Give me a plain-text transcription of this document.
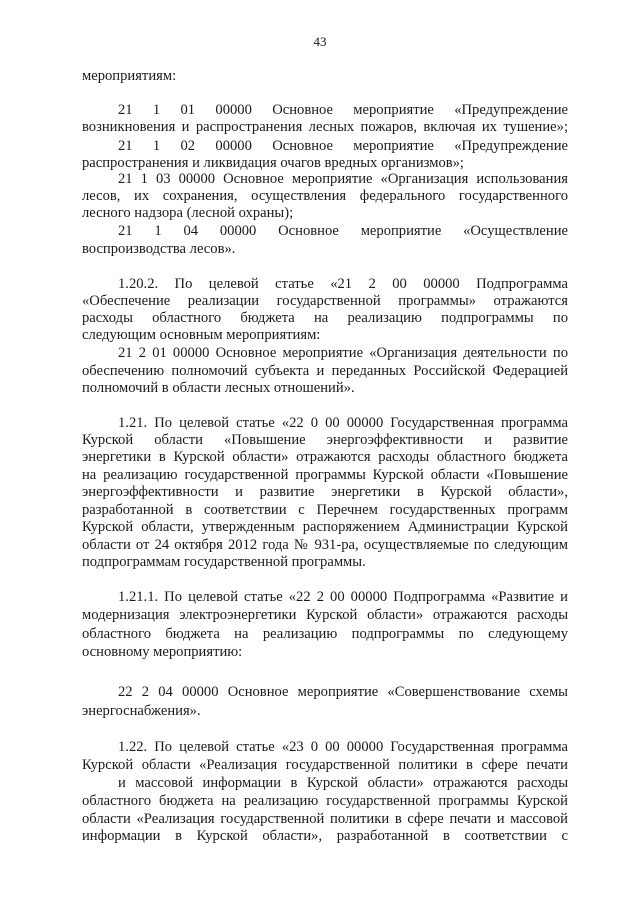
43
мероприятиям:
21 1 01 00000 Основное мероприятие «Предупреждение
возникновения и распространения лесных пожаров, включая их тушение»;
21 1 02 00000 Основное мероприятие «Предупреждение
распространения и ликвидация очагов вредных организмов»;
21 1 03 00000 Основное мероприятие «Организация использования
лесов, их сохранения, осуществления федерального государственного
лесного надзора (лесной охраны);
21 1 04 00000 Основное мероприятие «Осуществление
воспроизводства лесов».
1.20.2. По целевой статье «21 2 00 00000 Подпрограмма
«Обеспечение реализации государственной программы» отражаются
расходы областного бюджета на реализацию подпрограммы по
следующим основным мероприятиям:
21 2 01 00000 Основное мероприятие «Организация деятельности по
обеспечению полномочий субъекта и переданных Российской Федерацией
полномочий в области лесных отношений».
1.21. По целевой статье «22 0 00 00000 Государственная программа
Курской области «Повышение энергоэффективности и развитие
энергетики в Курской области» отражаются расходы областного бюджета
на реализацию государственной программы Курской области «Повышение
энергоэффективности и развитие энергетики в Курской области»,
разработанной в соответствии с Перечнем государственных программ
Курской области, утвержденным распоряжением Администрации Курской
области от 24 октября 2012 года № 931-ра, осуществляемые по следующим
подпрограммам государственной программы.
1.21.1. По целевой статье «22 2 00 00000 Подпрограмма «Развитие и
модернизация электроэнергетики Курской области» отражаются расходы
областного бюджета на реализацию подпрограммы по следующему
основному мероприятию:
22 2 04 00000 Основное мероприятие «Совершенствование схемы
энергоснабжения».
1.22. По целевой статье «23 0 00 00000 Государственная программа
Курской области «Реализация государственной политики в сфере печати
и массовой информации в Курской области» отражаются расходы
областного бюджета на реализацию государственной программы Курской
области «Реализация государственной политики в сфере печати и массовой
информации в Курской области», разработанной в соответствии с
